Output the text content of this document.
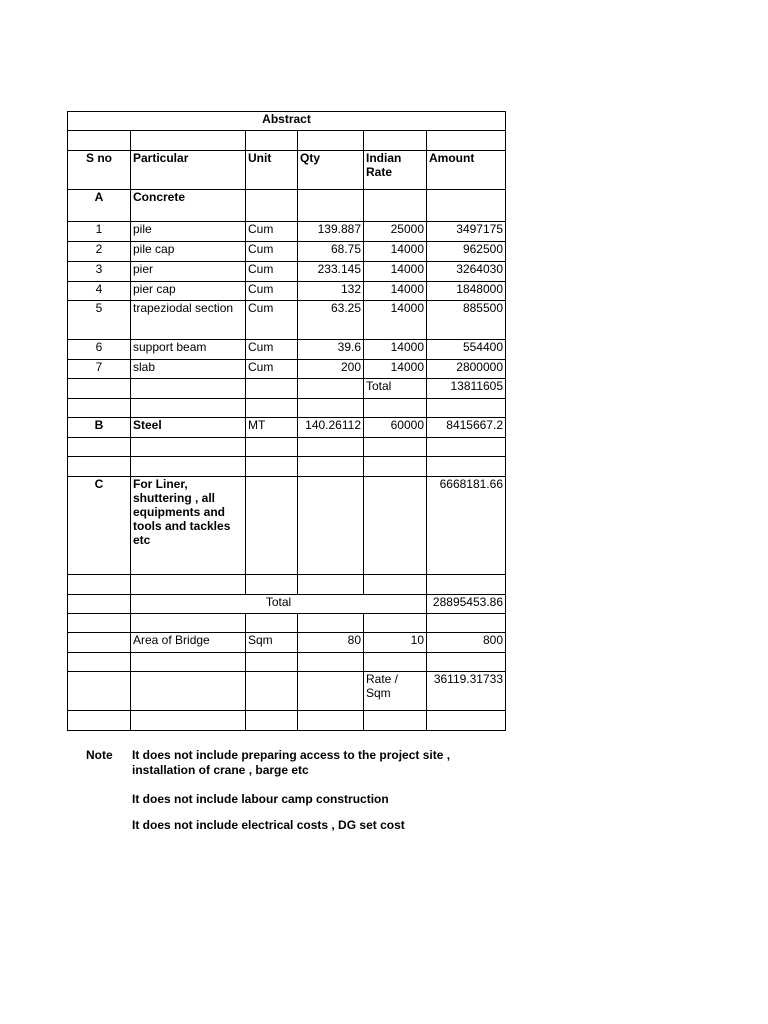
Abstract					

S no	Particular	Unit	Qty	Indian Rate	Amount
A	Concrete				
1	pile	Cum	139.887	25000	3497175
2	pile cap	Cum	68.75	14000	962500
3	pier	Cum	233.145	14000	3264030
4	pier cap	Cum	132	14000	1848000
5	trapeziodal section	Cum	63.25	14000	885500
6	support beam	Cum	39.6	14000	554400
7	slab	Cum	200	14000	2800000
				Total	13811605

B	Steel	MT	140.26112	60000	8415667.2

C	For Liner, shuttering , all equipments and tools and tackles etc				6668181.66

	Total				28895453.86

	Area of Bridge	Sqm	80	10	800

				Rate / Sqm	36119.31733

Note It does not include preparing access to the project site , installation of crane , barge etc
It does not include labour camp construction
It does not include electrical costs , DG set cost
